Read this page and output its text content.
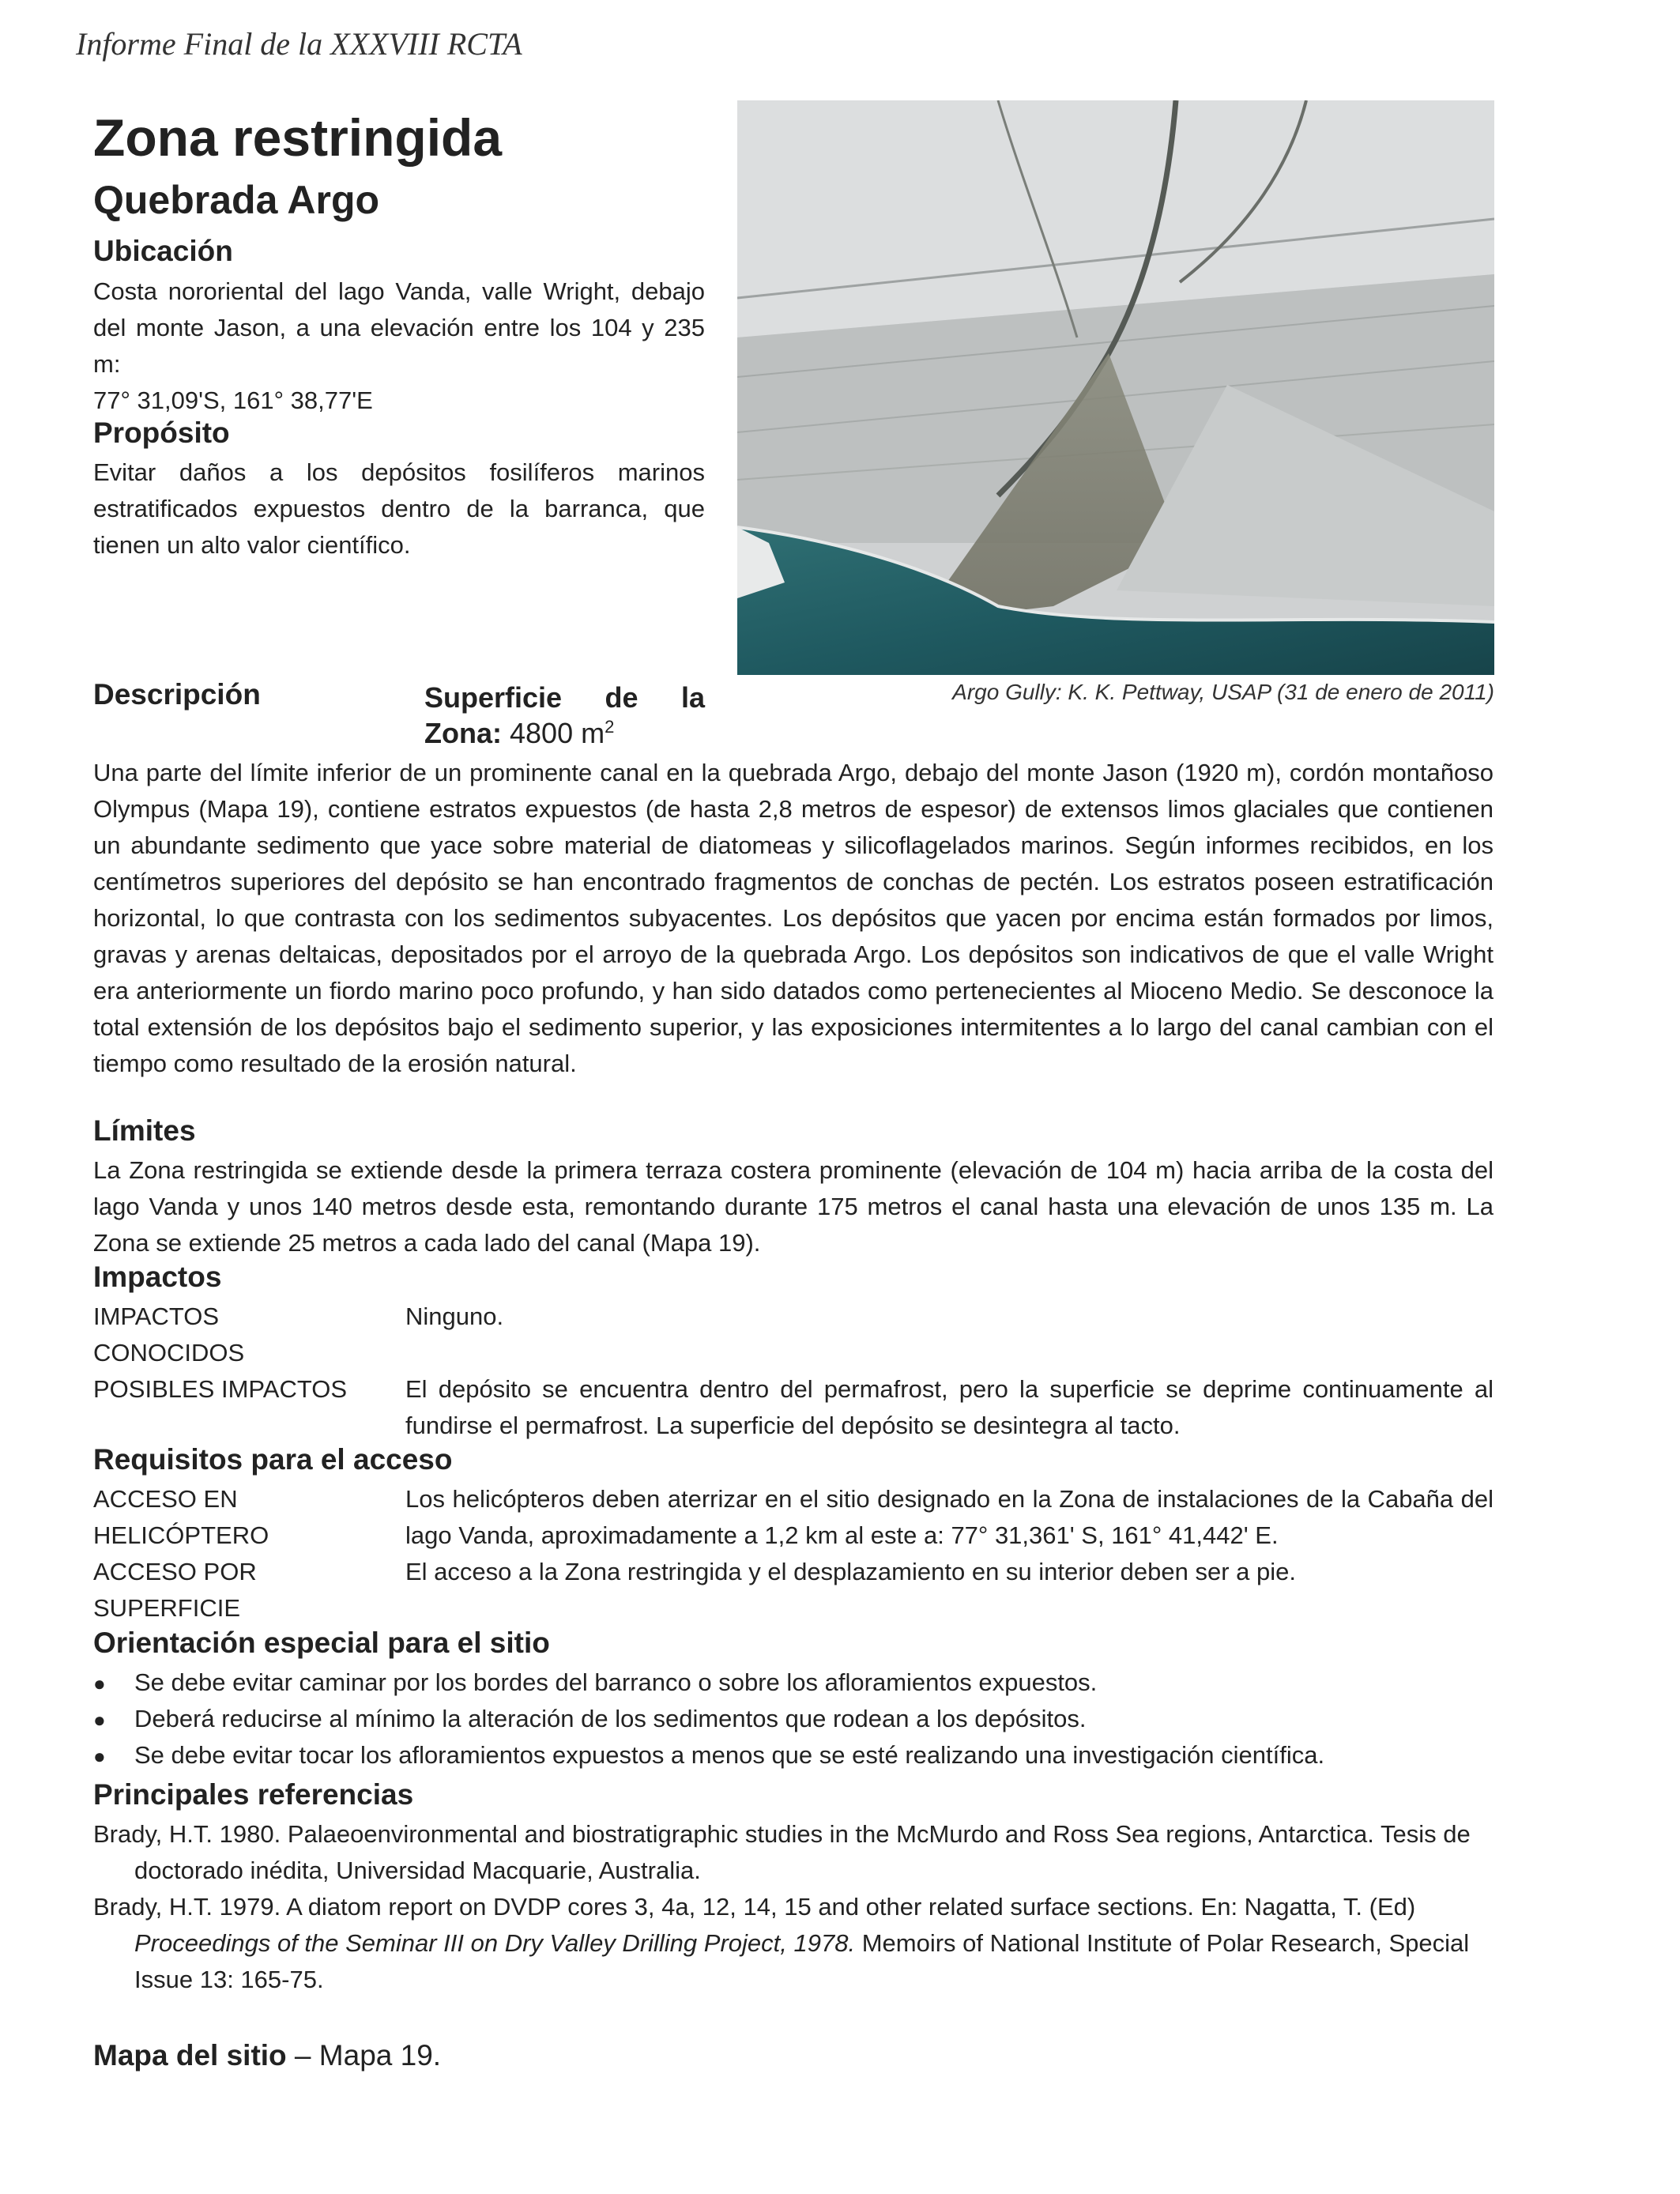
Informe Final de la XXXVIII RCTA
Zona restringida
Quebrada Argo
Ubicación
Costa nororiental del lago Vanda, valle Wright, debajo del monte Jason, a una elevación entre los 104 y 235 m:
77° 31,09'S, 161° 38,77'E
Propósito
Evitar daños a los depósitos fosilíferos marinos estratificados expuestos dentro de la barranca, que tienen un alto valor científico.
Argo Gully: K. K. Pettway, USAP (31 de enero de 2011)
Descripción	Superficie de la
Zona: 4800 $m^2$
Una parte del límite inferior de un prominente canal en la quebrada Argo, debajo del monte Jason (1920 m), cordón montañoso Olympus (Mapa 19), contiene estratos expuestos (de hasta 2,8 metros de espesor) de extensos limos glaciales que contienen un abundante sedimento que yace sobre material de diatomeas y silicoflagelados marinos. Según informes recibidos, en los centímetros superiores del depósito se han encontrado fragmentos de conchas de pectén. Los estratos poseen estratificación horizontal, lo que contrasta con los sedimentos subyacentes. Los depósitos que yacen por encima están formados por limos, gravas y arenas deltaicas, depositados por el arroyo de la quebrada Argo. Los depósitos son indicativos de que el valle Wright era anteriormente un fiordo marino poco profundo, y han sido datados como pertenecientes al Mioceno Medio. Se desconoce la total extensión de los depósitos bajo el sedimento superior, y las exposiciones intermitentes a lo largo del canal cambian con el tiempo como resultado de la erosión natural.
Límites
La Zona restringida se extiende desde la primera terraza costera prominente (elevación de 104 m) hacia arriba de la costa del lago Vanda y unos 140 metros desde esta, remontando durante 175 metros el canal hasta una elevación de unos 135 m. La Zona se extiende 25 metros a cada lado del canal (Mapa 19).
Impactos
IMPACTOS CONOCIDOS
Ninguno.
POSIBLES IMPACTOS	El depósito se encuentra dentro del permafrost, pero la superficie se deprime continuamente al fundirse el permafrost. La superficie del depósito se desintegra al tacto.
Requisitos para el acceso
ACCESO EN HELICÓPTERO
Los helicópteros deben aterrizar en el sitio designado en la Zona de instalaciones de la Cabaña del lago Vanda, aproximadamente a 1,2 km al este a: 77° 31,361' S, 161° 41,442' E.
ACCESO POR SUPERFICIE
El acceso a la Zona restringida y el desplazamiento en su interior deben ser a pie.
Orientación especial para el sitio
● Se debe evitar caminar por los bordes del barranco o sobre los afloramientos expuestos.
● Deberá reducirse al mínimo la alteración de los sedimentos que rodean a los depósitos.
● Se debe evitar tocar los afloramientos expuestos a menos que se esté realizando una investigación científica.
Principales referencias
Brady, H.T. 1980. Palaeoenvironmental and biostratigraphic studies in the McMurdo and Ross Sea regions, Antarctica. Tesis de doctorado inédita, Universidad Macquarie, Australia.
Brady, H.T. 1979. A diatom report on DVDP cores 3, 4a, 12, 14, 15 and other related surface sections. En: Nagatta, T. (Ed) Proceedings of the Seminar III on Dry Valley Drilling Project, 1978. Memoirs of National Institute of Polar Research, Special Issue 13: 165-75.
Mapa del sitio – Mapa 19.
